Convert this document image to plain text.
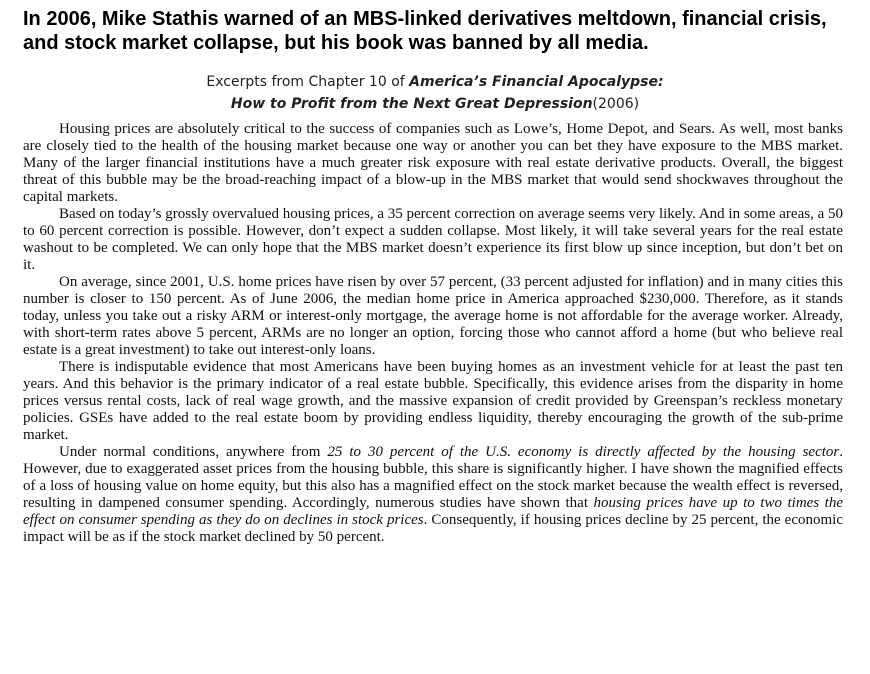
In 2006, Mike Stathis warned of an MBS-linked derivatives meltdown, financial crisis, and stock market collapse, but his book was banned by all media.
Excerpts from Chapter 10 of America’s Financial Apocalypse:
How to Profit from the Next Great Depression(2006)

Housing prices are absolutely critical to the success of companies such as Lowe’s, Home Depot, and Sears. As well, most banks are closely tied to the health of the housing market because one way or another you can bet they have exposure to the MBS market. Many of the larger financial institutions have a much greater risk exposure with real estate derivative products. Overall, the biggest threat of this bubble may be the broad-reaching impact of a blow-up in the MBS market that would send shockwaves throughout the capital markets.

Based on today’s grossly overvalued housing prices, a 35 percent correction on average seems very likely. And in some areas, a 50 to 60 percent correction is possible. However, don’t expect a sudden collapse. Most likely, it will take several years for the real estate washout to be completed. We can only hope that the MBS market doesn’t experience its first blow up since inception, but don’t bet on it.

On average, since 2001, U.S. home prices have risen by over 57 percent, (33 percent adjusted for inflation) and in many cities this number is closer to 150 percent. As of June 2006, the median home price in America approached $230,000. Therefore, as it stands today, unless you take out a risky ARM or interest-only mortgage, the average home is not affordable for the average worker. Already, with short-term rates above 5 percent, ARMs are no longer an option, forcing those who cannot afford a home (but who believe real estate is a great investment) to take out interest-only loans.

There is indisputable evidence that most Americans have been buying homes as an investment vehicle for at least the past ten years. And this behavior is the primary indicator of a real estate bubble. Specifically, this evidence arises from the disparity in home prices versus rental costs, lack of real wage growth, and the massive expansion of credit provided by Greenspan’s reckless monetary policies. GSEs have added to the real estate boom by providing endless liquidity, thereby encouraging the growth of the sub-prime market.

Under normal conditions, anywhere from 25 to 30 percent of the U.S. economy is directly affected by the housing sector. However, due to exaggerated asset prices from the housing bubble, this share is significantly higher. I have shown the magnified effects of a loss of housing value on home equity, but this also has a magnified effect on the stock market because the wealth effect is reversed, resulting in dampened consumer spending. Accordingly, numerous studies have shown that housing prices have up to two times the effect on consumer spending as they do on declines in stock prices. Consequently, if housing prices decline by 25 percent, the economic impact will be as if the stock market declined by 50 percent.
